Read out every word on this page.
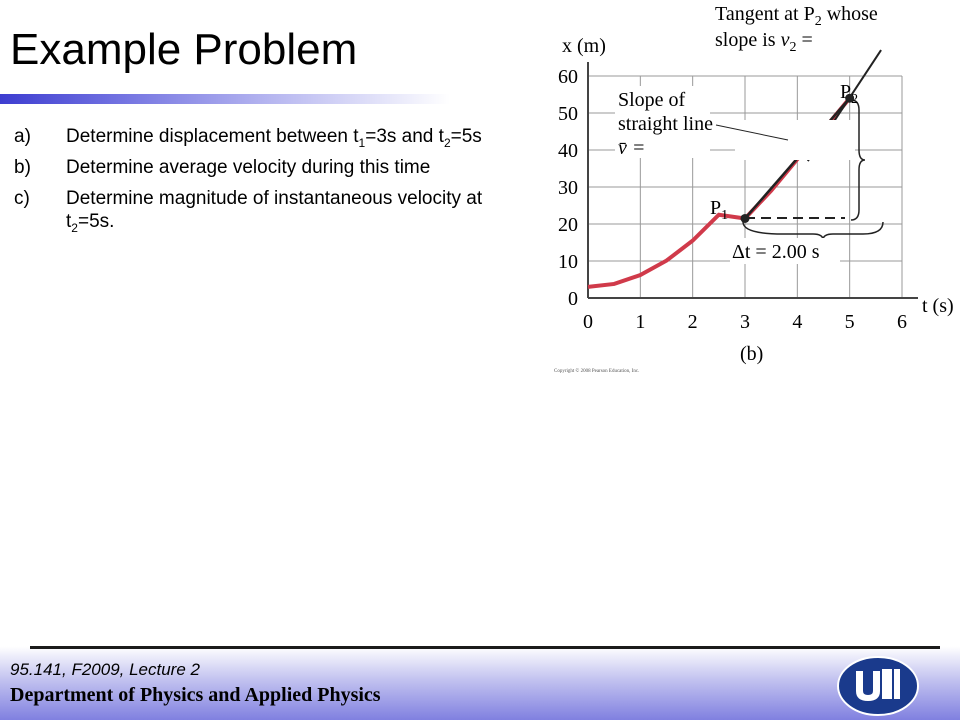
Example Problem
a)	Determine displacement between $t_1=3s$ and $t_2=5s$
b)	Determine average velocity during this time
c)	Determine magnitude of instantaneous velocity at $t_2=5s$.
0 1 2 3 4 5 6
0
10
20
30
40
50
60
x (m)
t (s)
Tangent at $P_2$ whose
slope is $v_2$ =
Slope of
straight line
v̄ =
$P_2$
$P_1$
Δt = 2.00 s
(b)
Copyright © 2008 Pearson Education, Inc.
95.141, F2009, Lecture 2
Department of Physics and Applied Physics
